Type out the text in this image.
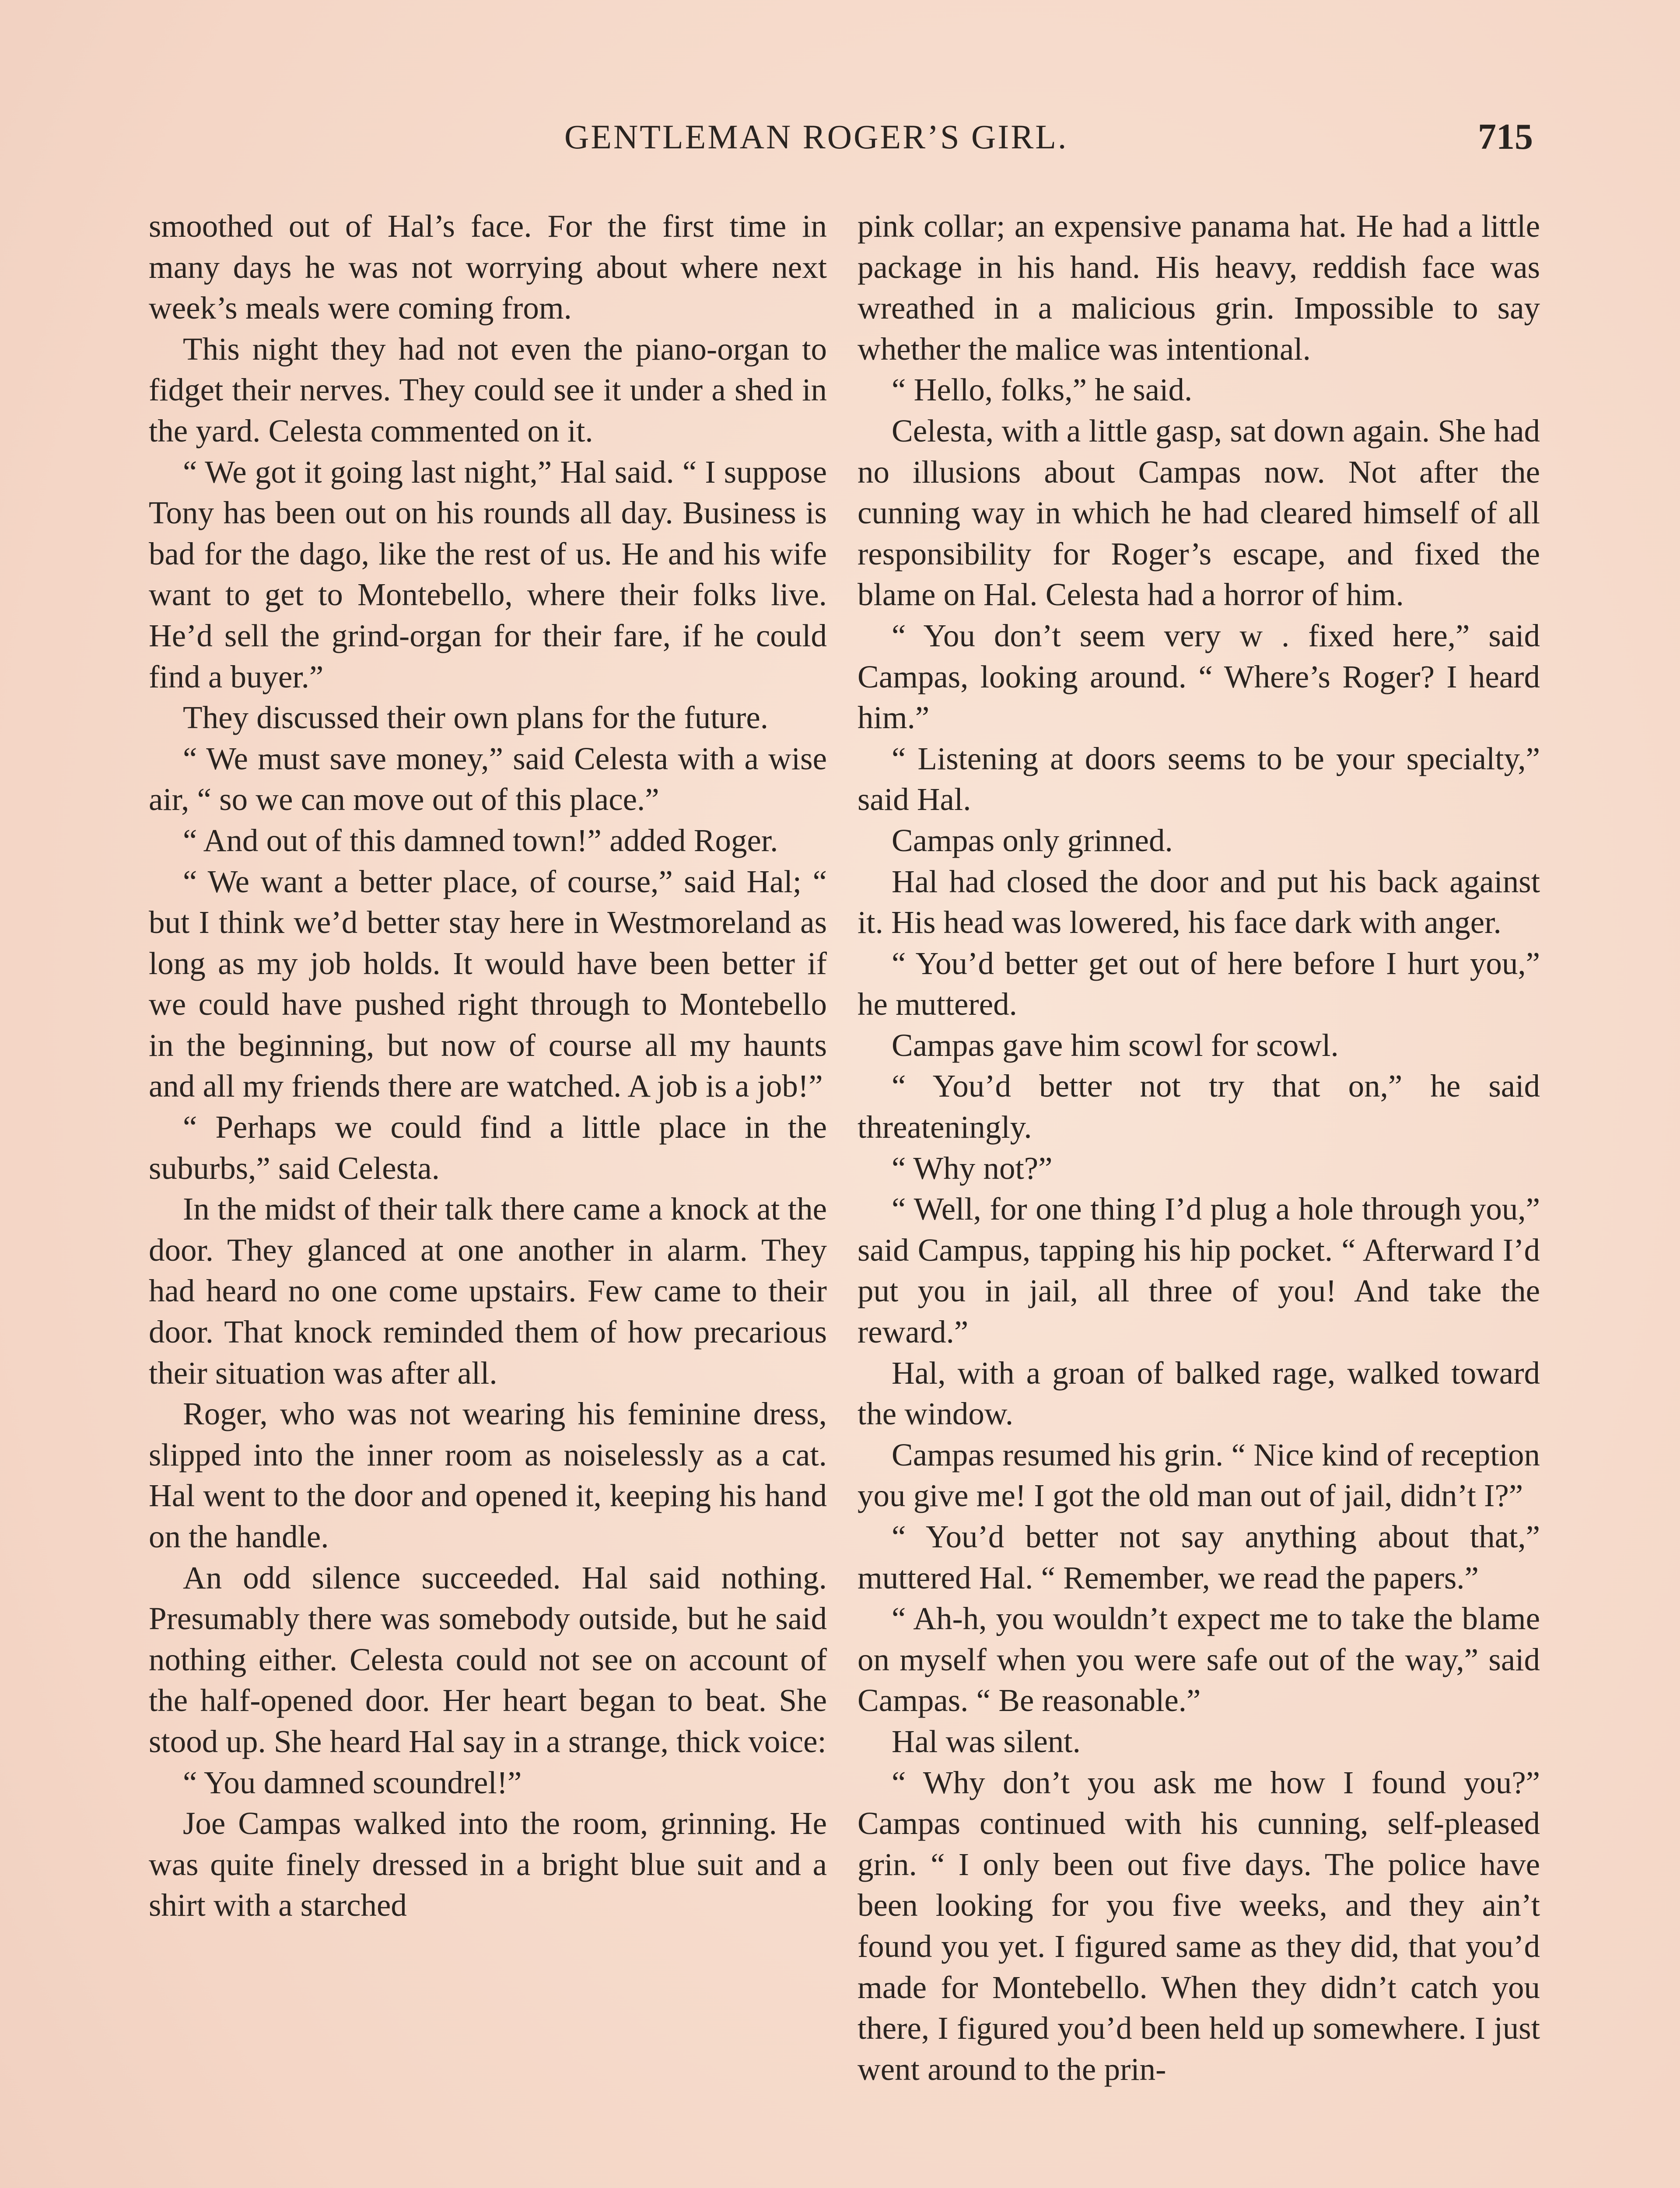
GENTLEMAN ROGER’S GIRL.	715

smoothed out of Hal’s face. For the first time in many days he was not worrying about where next week’s meals were coming from.

This night they had not even the piano-organ to fidget their nerves. They could see it under a shed in the yard. Celesta commented on it.

“ We got it going last night,” Hal said. “ I suppose Tony has been out on his rounds all day. Business is bad for the dago, like the rest of us. He and his wife want to get to Montebello, where their folks live. He’d sell the grind-organ for their fare, if he could find a buyer.”

They discussed their own plans for the future.

“ We must save money,” said Celesta with a wise air, “ so we can move out of this place.”

“ And out of this damned town!” added Roger.

“ We want a better place, of course,” said Hal; “ but I think we’d better stay here in Westmoreland as long as my job holds. It would have been better if we could have pushed right through to Montebello in the beginning, but now of course all my haunts and all my friends there are watched. A job is a job!”

“ Perhaps we could find a little place in the suburbs,” said Celesta.

In the midst of their talk there came a knock at the door. They glanced at one another in alarm. They had heard no one come upstairs. Few came to their door. That knock reminded them of how precarious their situation was after all.

Roger, who was not wearing his feminine dress, slipped into the inner room as noiselessly as a cat. Hal went to the door and opened it, keeping his hand on the handle.

An odd silence succeeded. Hal said nothing. Presumably there was somebody outside, but he said nothing either. Celesta could not see on account of the half-opened door. Her heart began to beat. She stood up. She heard Hal say in a strange, thick voice:

“ You damned scoundrel!”

Joe Campas walked into the room, grinning. He was quite finely dressed in a bright blue suit and a shirt with a starched

pink collar; an expensive panama hat. He had a little package in his hand. His heavy, reddish face was wreathed in a malicious grin. Impossible to say whether the malice was intentional.

“ Hello, folks,” he said.

Celesta, with a little gasp, sat down again. She had no illusions about Campas now. Not after the cunning way in which he had cleared himself of all responsibility for Roger’s escape, and fixed the blame on Hal. Celesta had a horror of him.

“ You don’t seem very w . fixed here,” said Campas, looking around. “ Where’s Roger? I heard him.”

“ Listening at doors seems to be your specialty,” said Hal.

Campas only grinned.

Hal had closed the door and put his back against it. His head was lowered, his face dark with anger.

“ You’d better get out of here before I hurt you,” he muttered.

Campas gave him scowl for scowl.

“ You’d better not try that on,” he said threateningly.

“ Why not?”

“ Well, for one thing I’d plug a hole through you,” said Campus, tapping his hip pocket. “ Afterward I’d put you in jail, all three of you! And take the reward.”

Hal, with a groan of balked rage, walked toward the window.

Campas resumed his grin. “ Nice kind of reception you give me! I got the old man out of jail, didn’t I?”

“ You’d better not say anything about that,” muttered Hal. “ Remember, we read the papers.”

“ Ah-h, you wouldn’t expect me to take the blame on myself when you were safe out of the way,” said Campas. “ Be reasonable.”

Hal was silent.

“ Why don’t you ask me how I found you?” Campas continued with his cunning, self-pleased grin. “ I only been out five days. The police have been looking for you five weeks, and they ain’t found you yet. I figured same as they did, that you’d made for Montebello. When they didn’t catch you there, I figured you’d been held up somewhere. I just went around to the prin-
